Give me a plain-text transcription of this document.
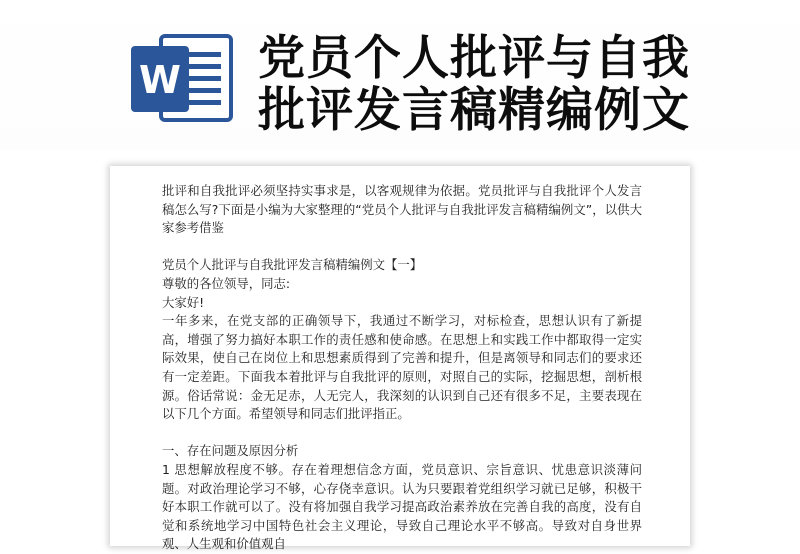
W 党员个人批评与自我
批评发言稿精编例文

批评和自我批评必须坚持实事求是，以客观规律为依据。党员批评与自我批评个人发言稿怎么写?下面是小编为大家整理的“党员个人批评与自我批评发言稿精编例文”，以供大家参考借鉴

党员个人批评与自我批评发言稿精编例文【一】

尊敬的各位领导，同志:

大家好!

一年多来，在党支部的正确领导下，我通过不断学习，对标检查，思想认识有了新提高，增强了努力搞好本职工作的责任感和使命感。在思想上和实践工作中都取得一定实际效果，使自己在岗位上和思想素质得到了完善和提升，但是离领导和同志们的要求还有一定差距。下面我本着批评与自我批评的原则，对照自己的实际，挖掘思想，剖析根源。俗话常说：金无足赤，人无完人，我深刻的认识到自己还有很多不足，主要表现在以下几个方面。希望领导和同志们批评指正。

一、存在问题及原因分析

1 思想解放程度不够。存在着理想信念方面，党员意识、宗旨意识、忧患意识淡薄问题。对政治理论学习不够，心存侥幸意识。认为只要跟着党组织学习就已足够，积极干好本职工作就可以了。没有将加强自我学习提高政治素养放在完善自我的高度，没有自觉和系统地学习中国特色社会主义理论，导致自己理论水平不够高。导致对自身世界观、人生观和价值观自
